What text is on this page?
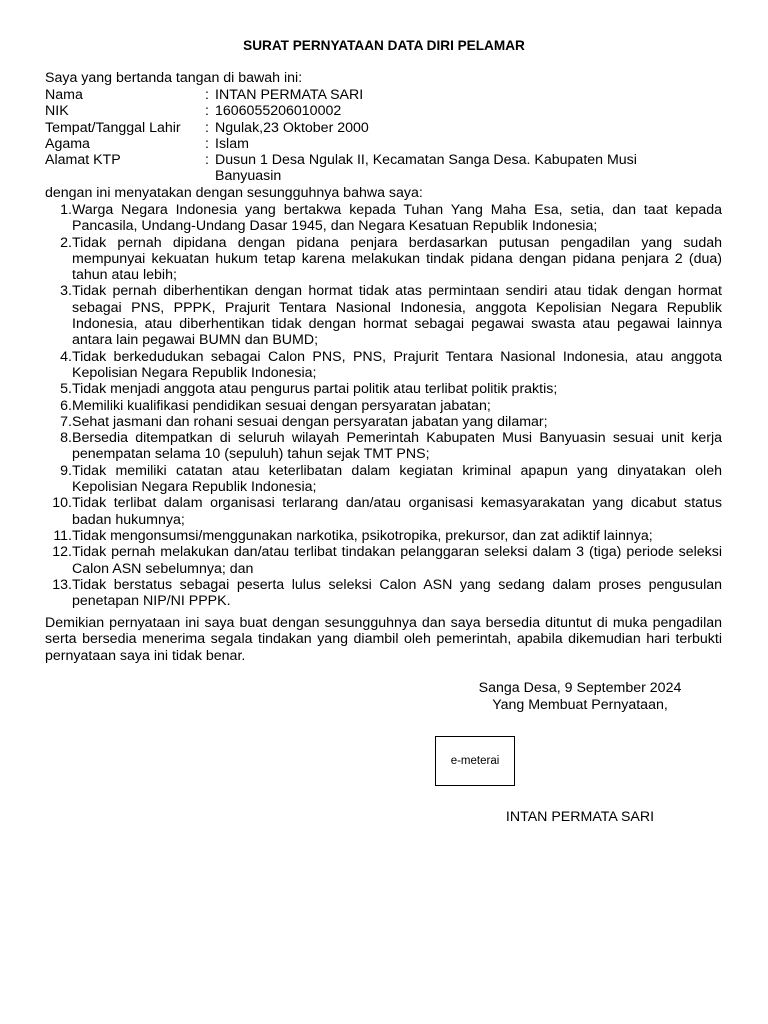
SURAT PERNYATAAN DATA DIRI PELAMAR
Saya yang bertanda tangan di bawah ini:
Nama	: INTAN PERMATA SARI
NIK	: 1606055206010002
Tempat/Tanggal Lahir	: Ngulak,23 Oktober 2000
Agama	: Islam
Alamat KTP	: Dusun 1 Desa Ngulak II, Kecamatan Sanga Desa. Kabupaten Musi Banyuasin
dengan ini menyatakan dengan sesungguhnya bahwa saya:
1. Warga Negara Indonesia yang bertakwa kepada Tuhan Yang Maha Esa, setia, dan taat kepada Pancasila, Undang-Undang Dasar 1945, dan Negara Kesatuan Republik Indonesia;
2. Tidak pernah dipidana dengan pidana penjara berdasarkan putusan pengadilan yang sudah mempunyai kekuatan hukum tetap karena melakukan tindak pidana dengan pidana penjara 2 (dua) tahun atau lebih;
3. Tidak pernah diberhentikan dengan hormat tidak atas permintaan sendiri atau tidak dengan hormat sebagai PNS, PPPK, Prajurit Tentara Nasional Indonesia, anggota Kepolisian Negara Republik Indonesia, atau diberhentikan tidak dengan hormat sebagai pegawai swasta atau pegawai lainnya antara lain pegawai BUMN dan BUMD;
4. Tidak berkedudukan sebagai Calon PNS, PNS, Prajurit Tentara Nasional Indonesia, atau anggota Kepolisian Negara Republik Indonesia;
5. Tidak menjadi anggota atau pengurus partai politik atau terlibat politik praktis;
6. Memiliki kualifikasi pendidikan sesuai dengan persyaratan jabatan;
7. Sehat jasmani dan rohani sesuai dengan persyaratan jabatan yang dilamar;
8. Bersedia ditempatkan di seluruh wilayah Pemerintah Kabupaten Musi Banyuasin sesuai unit kerja penempatan selama 10 (sepuluh) tahun sejak TMT PNS;
9. Tidak memiliki catatan atau keterlibatan dalam kegiatan kriminal apapun yang dinyatakan oleh Kepolisian Negara Republik Indonesia;
10. Tidak terlibat dalam organisasi terlarang dan/atau organisasi kemasyarakatan yang dicabut status badan hukumnya;
11. Tidak mengonsumsi/menggunakan narkotika, psikotropika, prekursor, dan zat adiktif lainnya;
12. Tidak pernah melakukan dan/atau terlibat tindakan pelanggaran seleksi dalam 3 (tiga) periode seleksi Calon ASN sebelumnya; dan
13. Tidak berstatus sebagai peserta lulus seleksi Calon ASN yang sedang dalam proses pengusulan penetapan NIP/NI PPPK.
Demikian pernyataan ini saya buat dengan sesungguhnya dan saya bersedia dituntut di muka pengadilan serta bersedia menerima segala tindakan yang diambil oleh pemerintah, apabila dikemudian hari terbukti pernyataan saya ini tidak benar.
Sanga Desa, 9 September 2024
Yang Membuat Pernyataan,
e-meterai
INTAN PERMATA SARI
